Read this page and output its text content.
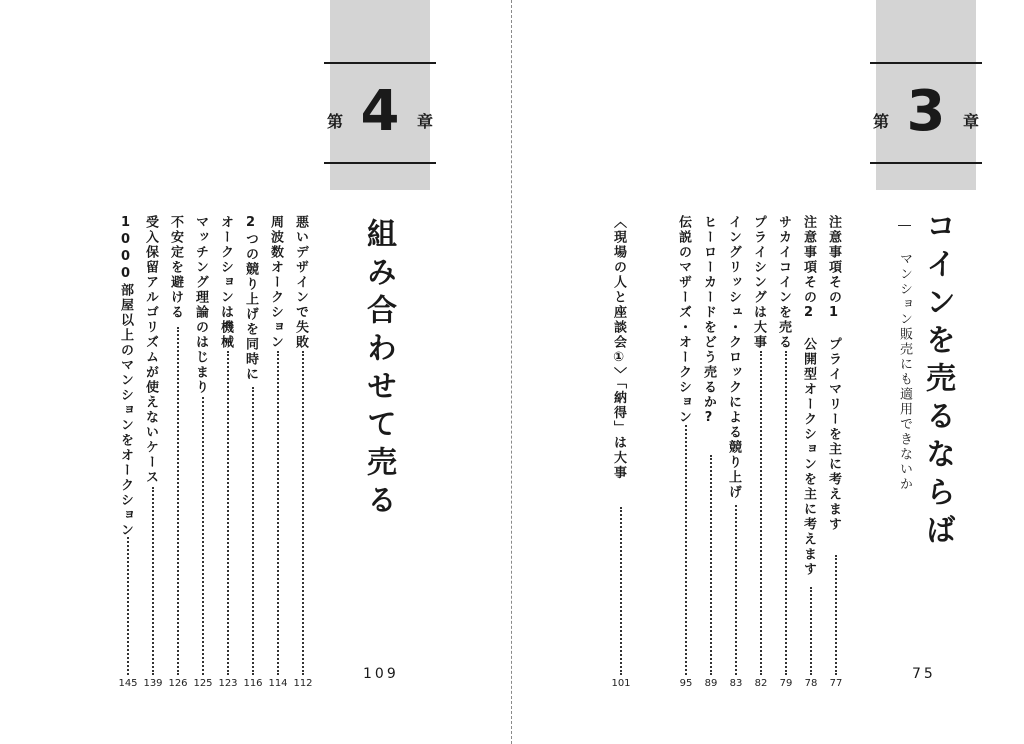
第 4 章
組み合わせて売る
109
悪いデザインで失敗
112
周波数オークション
114
2つの競り上げを同時に
116
オークションは機械
123
マッチング理論のはじまり
125
不安定を避ける
126
受入保留アルゴリズムが使えないケース
139
1000部屋以上のマンションをオークション
145
第 3 章
コインを売るならば
― マンション販売にも適用できないか
75
注意事項その1　プライマリーを主に考えます
77
注意事項その2　公開型オークションを主に考えます
78
サカイコインを売る
79
プライシングは大事
82
イングリッシュ・クロックによる競り上げ
83
ヒーローカードをどう売るか?
89
伝説のマザーズ・オークション
95
〈現場の人と座談会①〉「納得」は大事
101
